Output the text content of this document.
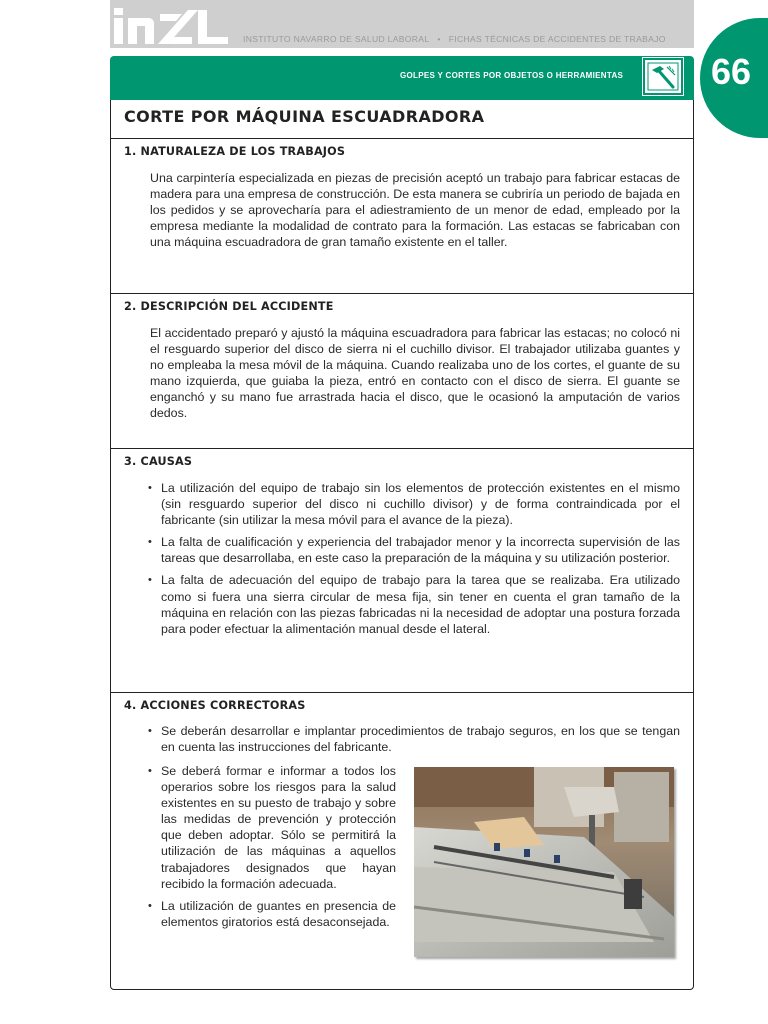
INSTITUTO NAVARRO DE SALUD LABORAL • FICHAS TÉCNICAS DE ACCIDENTES DE TRABAJO
66
GOLPES Y CORTES POR OBJETOS O HERRAMIENTAS
CORTE POR MÁQUINA ESCUADRADORA
1. NATURALEZA DE LOS TRABAJOS
Una carpintería especializada en piezas de precisión aceptó un trabajo para fabricar estacas de madera para una empresa de construcción. De esta manera se cubriría un periodo de bajada en los pedidos y se aprovecharía para el adiestramiento de un menor de edad, empleado por la empresa mediante la modalidad de contrato para la formación. Las estacas se fabricaban con una máquina escuadradora de gran tamaño existente en el taller.
2. DESCRIPCIÓN DEL ACCIDENTE
El accidentado preparó y ajustó la máquina escuadradora para fabricar las estacas; no colocó ni el resguardo superior del disco de sierra ni el cuchillo divisor. El trabajador utilizaba guantes y no empleaba la mesa móvil de la máquina. Cuando realizaba uno de los cortes, el guante de su mano izquierda, que guiaba la pieza, entró en contacto con el disco de sierra. El guante se enganchó y su mano fue arrastrada hacia el disco, que le ocasionó la amputación de varios dedos.
3. CAUSAS
• La utilización del equipo de trabajo sin los elementos de protección existentes en el mismo (sin resguardo superior del disco ni cuchillo divisor) y de forma contraindicada por el fabricante (sin utilizar la mesa móvil para el avance de la pieza).
• La falta de cualificación y experiencia del trabajador menor y la incorrecta supervisión de las tareas que desarrollaba, en este caso la preparación de la máquina y su utilización posterior.
• La falta de adecuación del equipo de trabajo para la tarea que se realizaba. Era utilizado como si fuera una sierra circular de mesa fija, sin tener en cuenta el gran tamaño de la máquina en relación con las piezas fabricadas ni la necesidad de adoptar una postura forzada para poder efectuar la alimentación manual desde el lateral.
4. ACCIONES CORRECTORAS
• Se deberán desarrollar e implantar procedimientos de trabajo seguros, en los que se tengan en cuenta las instrucciones del fabricante.
• Se deberá formar e informar a todos los operarios sobre los riesgos para la salud existentes en su puesto de trabajo y sobre las medidas de prevención y protección que deben adoptar. Sólo se permitirá la utilización de las máquinas a aquellos trabajadores designados que hayan recibido la formación adecuada.
• La utilización de guantes en presencia de elementos giratorios está desaconsejada.
